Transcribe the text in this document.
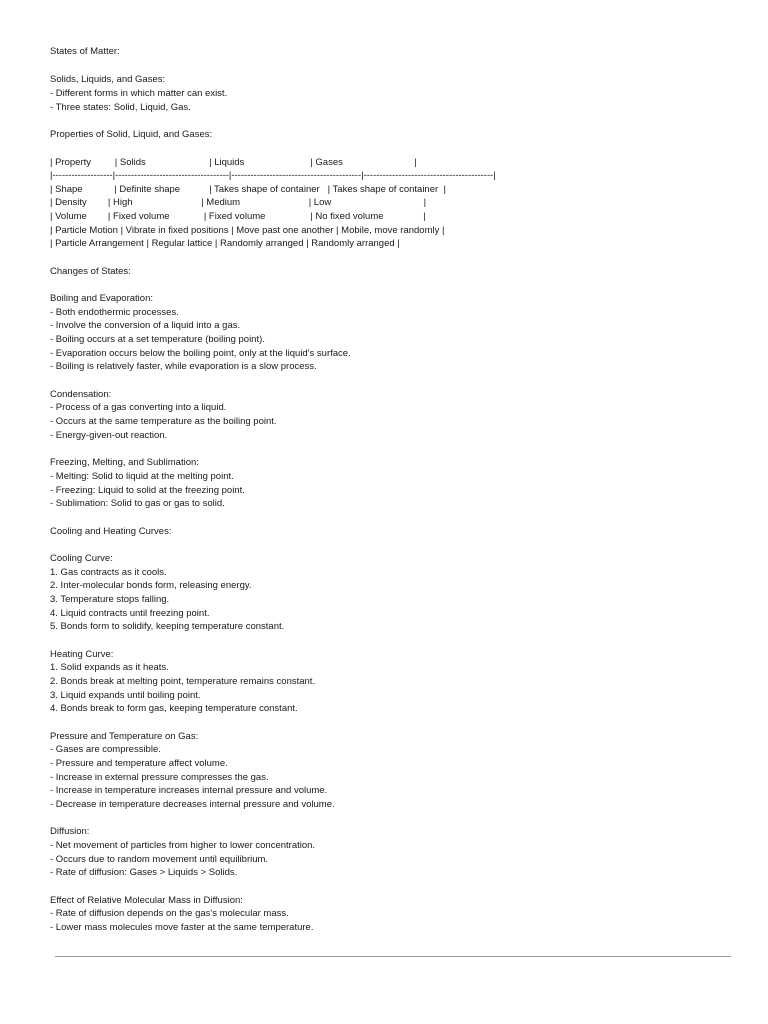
States of Matter:
Solids, Liquids, and Gases:
- Different forms in which matter can exist.
- Three states: Solid, Liquid, Gas.
Properties of Solid, Liquid, and Gases:
| Property         | Solids                        | Liquids                         | Gases                           |
|-------------------|------------------------------------|-----------------------------------------|-----------------------------------------|
| Shape            | Definite shape           | Takes shape of container   | Takes shape of container  |
| Density        | High                          | Medium                          | Low                                   |
| Volume        | Fixed volume             | Fixed volume                 | No fixed volume               |
| Particle Motion | Vibrate in fixed positions | Move past one another | Mobile, move randomly |
| Particle Arrangement | Regular lattice | Randomly arranged | Randomly arranged |
Changes of States:
Boiling and Evaporation:
- Both endothermic processes.
- Involve the conversion of a liquid into a gas.
- Boiling occurs at a set temperature (boiling point).
- Evaporation occurs below the boiling point, only at the liquid's surface.
- Boiling is relatively faster, while evaporation is a slow process.
Condensation:
- Process of a gas converting into a liquid.
- Occurs at the same temperature as the boiling point.
- Energy-given-out reaction.
Freezing, Melting, and Sublimation:
- Melting: Solid to liquid at the melting point.
- Freezing: Liquid to solid at the freezing point.
- Sublimation: Solid to gas or gas to solid.
Cooling and Heating Curves:
Cooling Curve:
1. Gas contracts as it cools.
2. Inter-molecular bonds form, releasing energy.
3. Temperature stops falling.
4. Liquid contracts until freezing point.
5. Bonds form to solidify, keeping temperature constant.
Heating Curve:
1. Solid expands as it heats.
2. Bonds break at melting point, temperature remains constant.
3. Liquid expands until boiling point.
4. Bonds break to form gas, keeping temperature constant.
Pressure and Temperature on Gas:
- Gases are compressible.
- Pressure and temperature affect volume.
- Increase in external pressure compresses the gas.
- Increase in temperature increases internal pressure and volume.
- Decrease in temperature decreases internal pressure and volume.
Diffusion:
- Net movement of particles from higher to lower concentration.
- Occurs due to random movement until equilibrium.
- Rate of diffusion: Gases > Liquids > Solids.
Effect of Relative Molecular Mass in Diffusion:
- Rate of diffusion depends on the gas's molecular mass.
- Lower mass molecules move faster at the same temperature.
